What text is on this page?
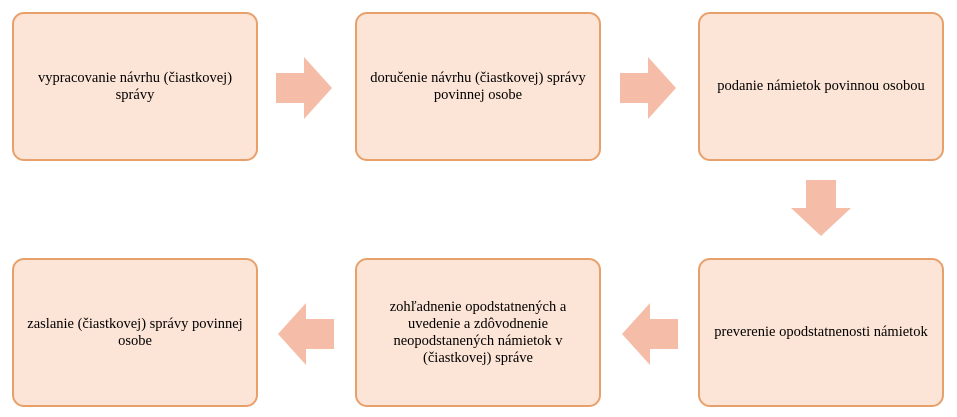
vypracovanie návrhu (čiastkovej) správy
doručenie návrhu (čiastkovej) správy povinnej osobe
podanie námietok povinnou osobou
preverenie opodstatnenosti námietok
zohľadnenie opodstatnených a uvedenie a zdôvodnenie neopodstanených námietok v (čiastkovej) správe
zaslanie (čiastkovej) správy povinnej osobe
